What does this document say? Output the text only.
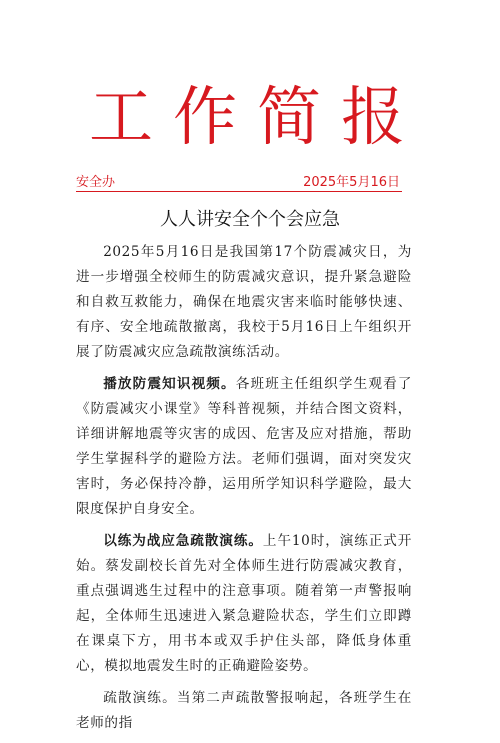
工作简报
安全办	2025年5月16日
人人讲安全个个会应急

2025年5月16日是我国第17个防震减灾日，为进一步增强全校师生的防震减灾意识，提升紧急避险和自救互救能力，确保在地震灾害来临时能够快速、有序、安全地疏散撤离，我校于5月16日上午组织开展了防震减灾应急疏散演练活动。

播放防震知识视频。各班班主任组织学生观看了《防震减灾小课堂》等科普视频，并结合图文资料，详细讲解地震等灾害的成因、危害及应对措施，帮助学生掌握科学的避险方法。老师们强调，面对突发灾害时，务必保持冷静，运用所学知识科学避险，最大限度保护自身安全。

以练为战应急疏散演练。上午10时，演练正式开始。蔡发副校长首先对全体师生进行防震减灾教育，重点强调逃生过程中的注意事项。随着第一声警报响起，全体师生迅速进入紧急避险状态，学生们立即蹲在课桌下方，用书本或双手护住头部，降低身体重心，模拟地震发生时的正确避险姿势。

疏散演练。当第二声疏散警报响起，各班学生在老师的指
